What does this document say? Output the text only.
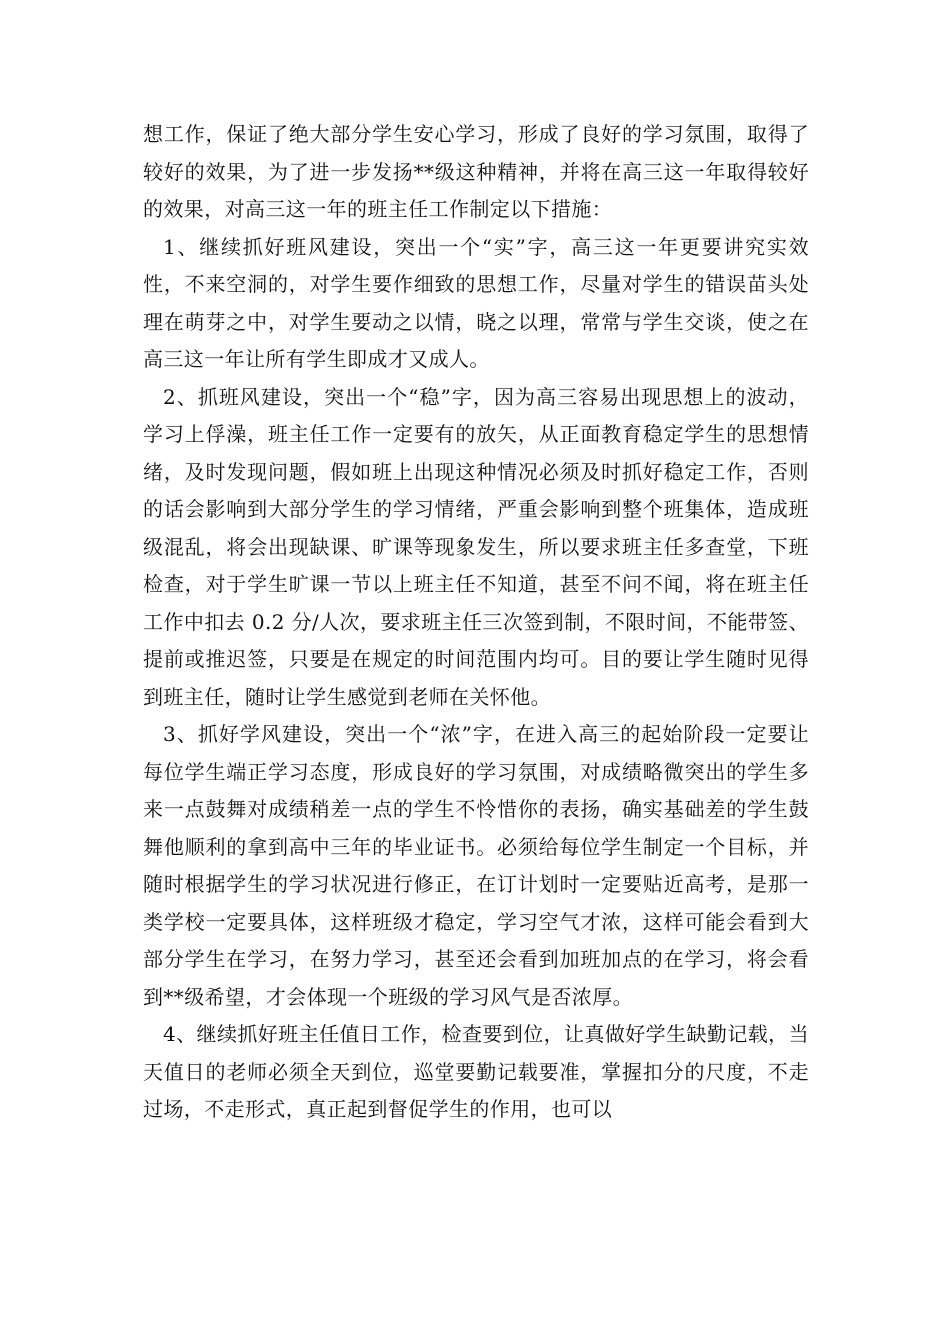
想工作，保证了绝大部分学生安心学习，形成了良好的学习氛围，取得了较好的效果，为了进一步发扬**级这种精神，并将在高三这一年取得较好的效果，对高三这一年的班主任工作制定以下措施：

1、继续抓好班风建设，突出一个“实”字，高三这一年更要讲究实效性，不来空洞的，对学生要作细致的思想工作，尽量对学生的错误苗头处理在萌芽之中，对学生要动之以情，晓之以理，常常与学生交谈，使之在高三这一年让所有学生即成才又成人。

2、抓班风建设，突出一个“稳”字，因为高三容易出现思想上的波动，学习上俘澡，班主任工作一定要有的放矢，从正面教育稳定学生的思想情绪，及时发现问题，假如班上出现这种情况必须及时抓好稳定工作，否则的话会影响到大部分学生的学习情绪，严重会影响到整个班集体，造成班级混乱，将会出现缺课、旷课等现象发生，所以要求班主任多查堂，下班检查，对于学生旷课一节以上班主任不知道，甚至不问不闻，将在班主任工作中扣去 0.2 分/人次，要求班主任三次签到制，不限时间，不能带签、提前或推迟签，只要是在规定的时间范围内均可。目的要让学生随时见得到班主任，随时让学生感觉到老师在关怀他。

3、抓好学风建设，突出一个“浓”字，在进入高三的起始阶段一定要让每位学生端正学习态度，形成良好的学习氛围，对成绩略微突出的学生多来一点鼓舞对成绩稍差一点的学生不怜惜你的表扬，确实基础差的学生鼓舞他顺利的拿到高中三年的毕业证书。必须给每位学生制定一个目标，并随时根据学生的学习状况进行修正，在订计划时一定要贴近高考，是那一类学校一定要具体，这样班级才稳定，学习空气才浓，这样可能会看到大部分学生在学习，在努力学习，甚至还会看到加班加点的在学习，将会看到**级希望，才会体现一个班级的学习风气是否浓厚。

4、继续抓好班主任值日工作，检查要到位，让真做好学生缺勤记载，当天值日的老师必须全天到位，巡堂要勤记载要准，掌握扣分的尺度，不走过场，不走形式，真正起到督促学生的作用，也可以
